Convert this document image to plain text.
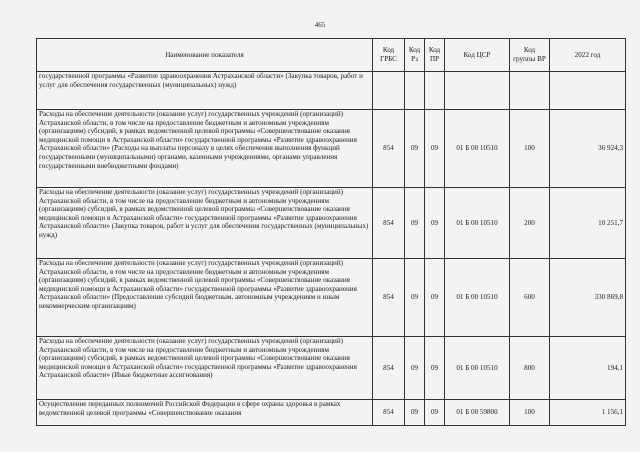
465
Наименование показателя	Код ГРБС	Код Рз	Код ПР	Код ЦСР	Код группы ВР	2022 год
государственной программы «Развитие здравоохранения Астраханской области» (Закупка товаров, работ и услуг для обеспечения государственных (муниципальных) нужд)						
Расходы на обеспечение деятельности (оказание услуг) государственных учреждений (организаций) Астраханской области, в том числе на предоставление бюджетным и автономным учреждениям (организациям) субсидий, в рамках ведомственной целевой программы «Совершенствование оказания медицинской помощи в Астраханской области» государственной программы «Развитие здравоохранения Астраханской области» (Расходы на выплаты персоналу в целях обеспечения выполнения функций государственными (муниципальными) органами, казенными учреждениями, органами управления государственными внебюджетными фондами)	854	09	09	01 Б 00 10510	100	36 924,3
Расходы на обеспечение деятельности (оказание услуг) государственных учреждений (организаций) Астраханской области, в том числе на предоставление бюджетным и автономным учреждениям (организациям) субсидий, в рамках ведомственной целевой программы «Совершенствование оказания медицинской помощи в Астраханской области» государственной программы «Развитие здравоохранения Астраханской области» (Закупка товаров, работ и услуг для обеспечения государственных (муниципальных) нужд)	854	09	09	01 Б 00 10510	200	10 251,7
Расходы на обеспечение деятельности (оказание услуг) государственных учреждений (организаций) Астраханской области, в том числе на предоставление бюджетным и автономным учреждениям (организациям) субсидий, в рамках ведомственной целевой программы «Совершенствование оказания медицинской помощи в Астраханской области» государственной программы «Развитие здравоохранения Астраханской области» (Предоставление субсидий бюджетным, автономным учреждениям и иным некоммерческим организациям)	854	09	09	01 Б 00 10510	600	330 869,8
Расходы на обеспечение деятельности (оказание услуг) государственных учреждений (организаций) Астраханской области, в том числе на предоставление бюджетным и автономным учреждениям (организациям) субсидий, в рамках ведомственной целевой программы «Совершенствование оказания медицинской помощи в Астраханской области» государственной программы «Развитие здравоохранения Астраханской области» (Иные бюджетные ассигнования)	854	09	09	01 Б 00 10510	800	194,1
Осуществление переданных полномочий Российской Федерации в сфере охраны здоровья в рамках ведомственной целевой программы «Совершенствование оказания	854	09	09	01 Б 00 59800	100	1 156,1
